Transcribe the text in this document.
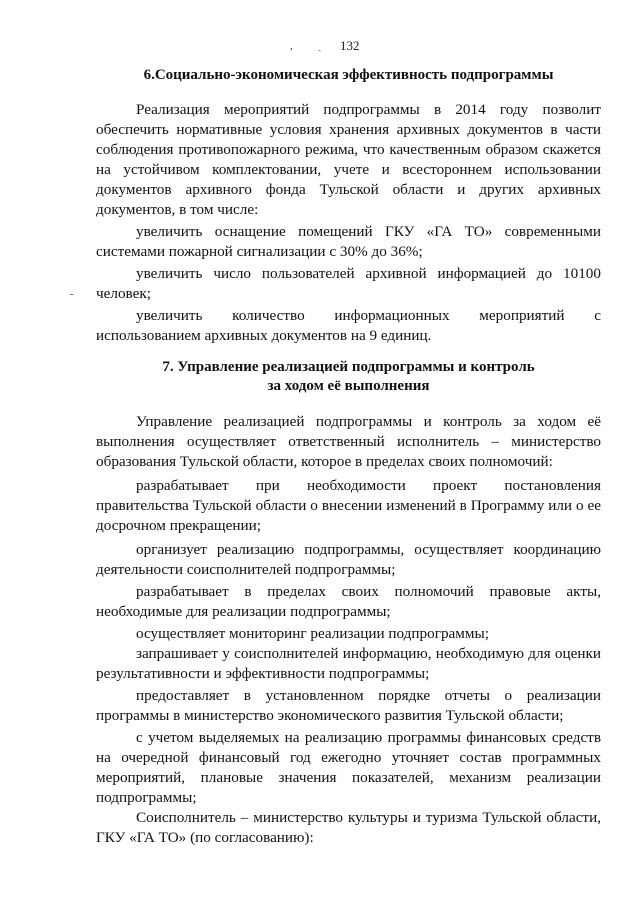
, ˏ
-
132
6.Социально-экономическая эффективность подпрограммы

Реализация мероприятий подпрограммы в 2014 году позволит обеспечить нормативные условия хранения архивных документов в части соблюдения противопожарного режима, что качественным образом скажется на устойчивом комплектовании, учете и всестороннем использовании документов архивного фонда Тульской области и других архивных документов, в том числе:

увеличить оснащение помещений ГКУ «ГА ТО» современными системами пожарной сигнализации с 30% до 36%;

увеличить число пользователей архивной информацией до 10100 человек;

увеличить количество информационных мероприятий с использованием архивных документов на 9 единиц.

7. Управление реализацией подпрограммы и контроль
за ходом её выполнения

Управление реализацией подпрограммы и контроль за ходом её выполнения осуществляет ответственный исполнитель – министерство образования Тульской области, которое в пределах своих полномочий:

разрабатывает при необходимости проект постановления правительства Тульской области о внесении изменений в Программу или о ее досрочном прекращении;

организует реализацию подпрограммы, осуществляет координацию деятельности соисполнителей подпрограммы;

разрабатывает в пределах своих полномочий правовые акты, необходимые для реализации подпрограммы;

осуществляет мониторинг реализации подпрограммы;

запрашивает у соисполнителей информацию, необходимую для оценки результативности и эффективности подпрограммы;

предоставляет в установленном порядке отчеты о реализации программы в министерство экономического развития Тульской области;

с учетом выделяемых на реализацию программы финансовых средств на очередной финансовый год ежегодно уточняет состав программных мероприятий, плановые значения показателей, механизм реализации подпрограммы;

Соисполнитель – министерство культуры и туризма Тульской области, ГКУ «ГА ТО» (по согласованию):
